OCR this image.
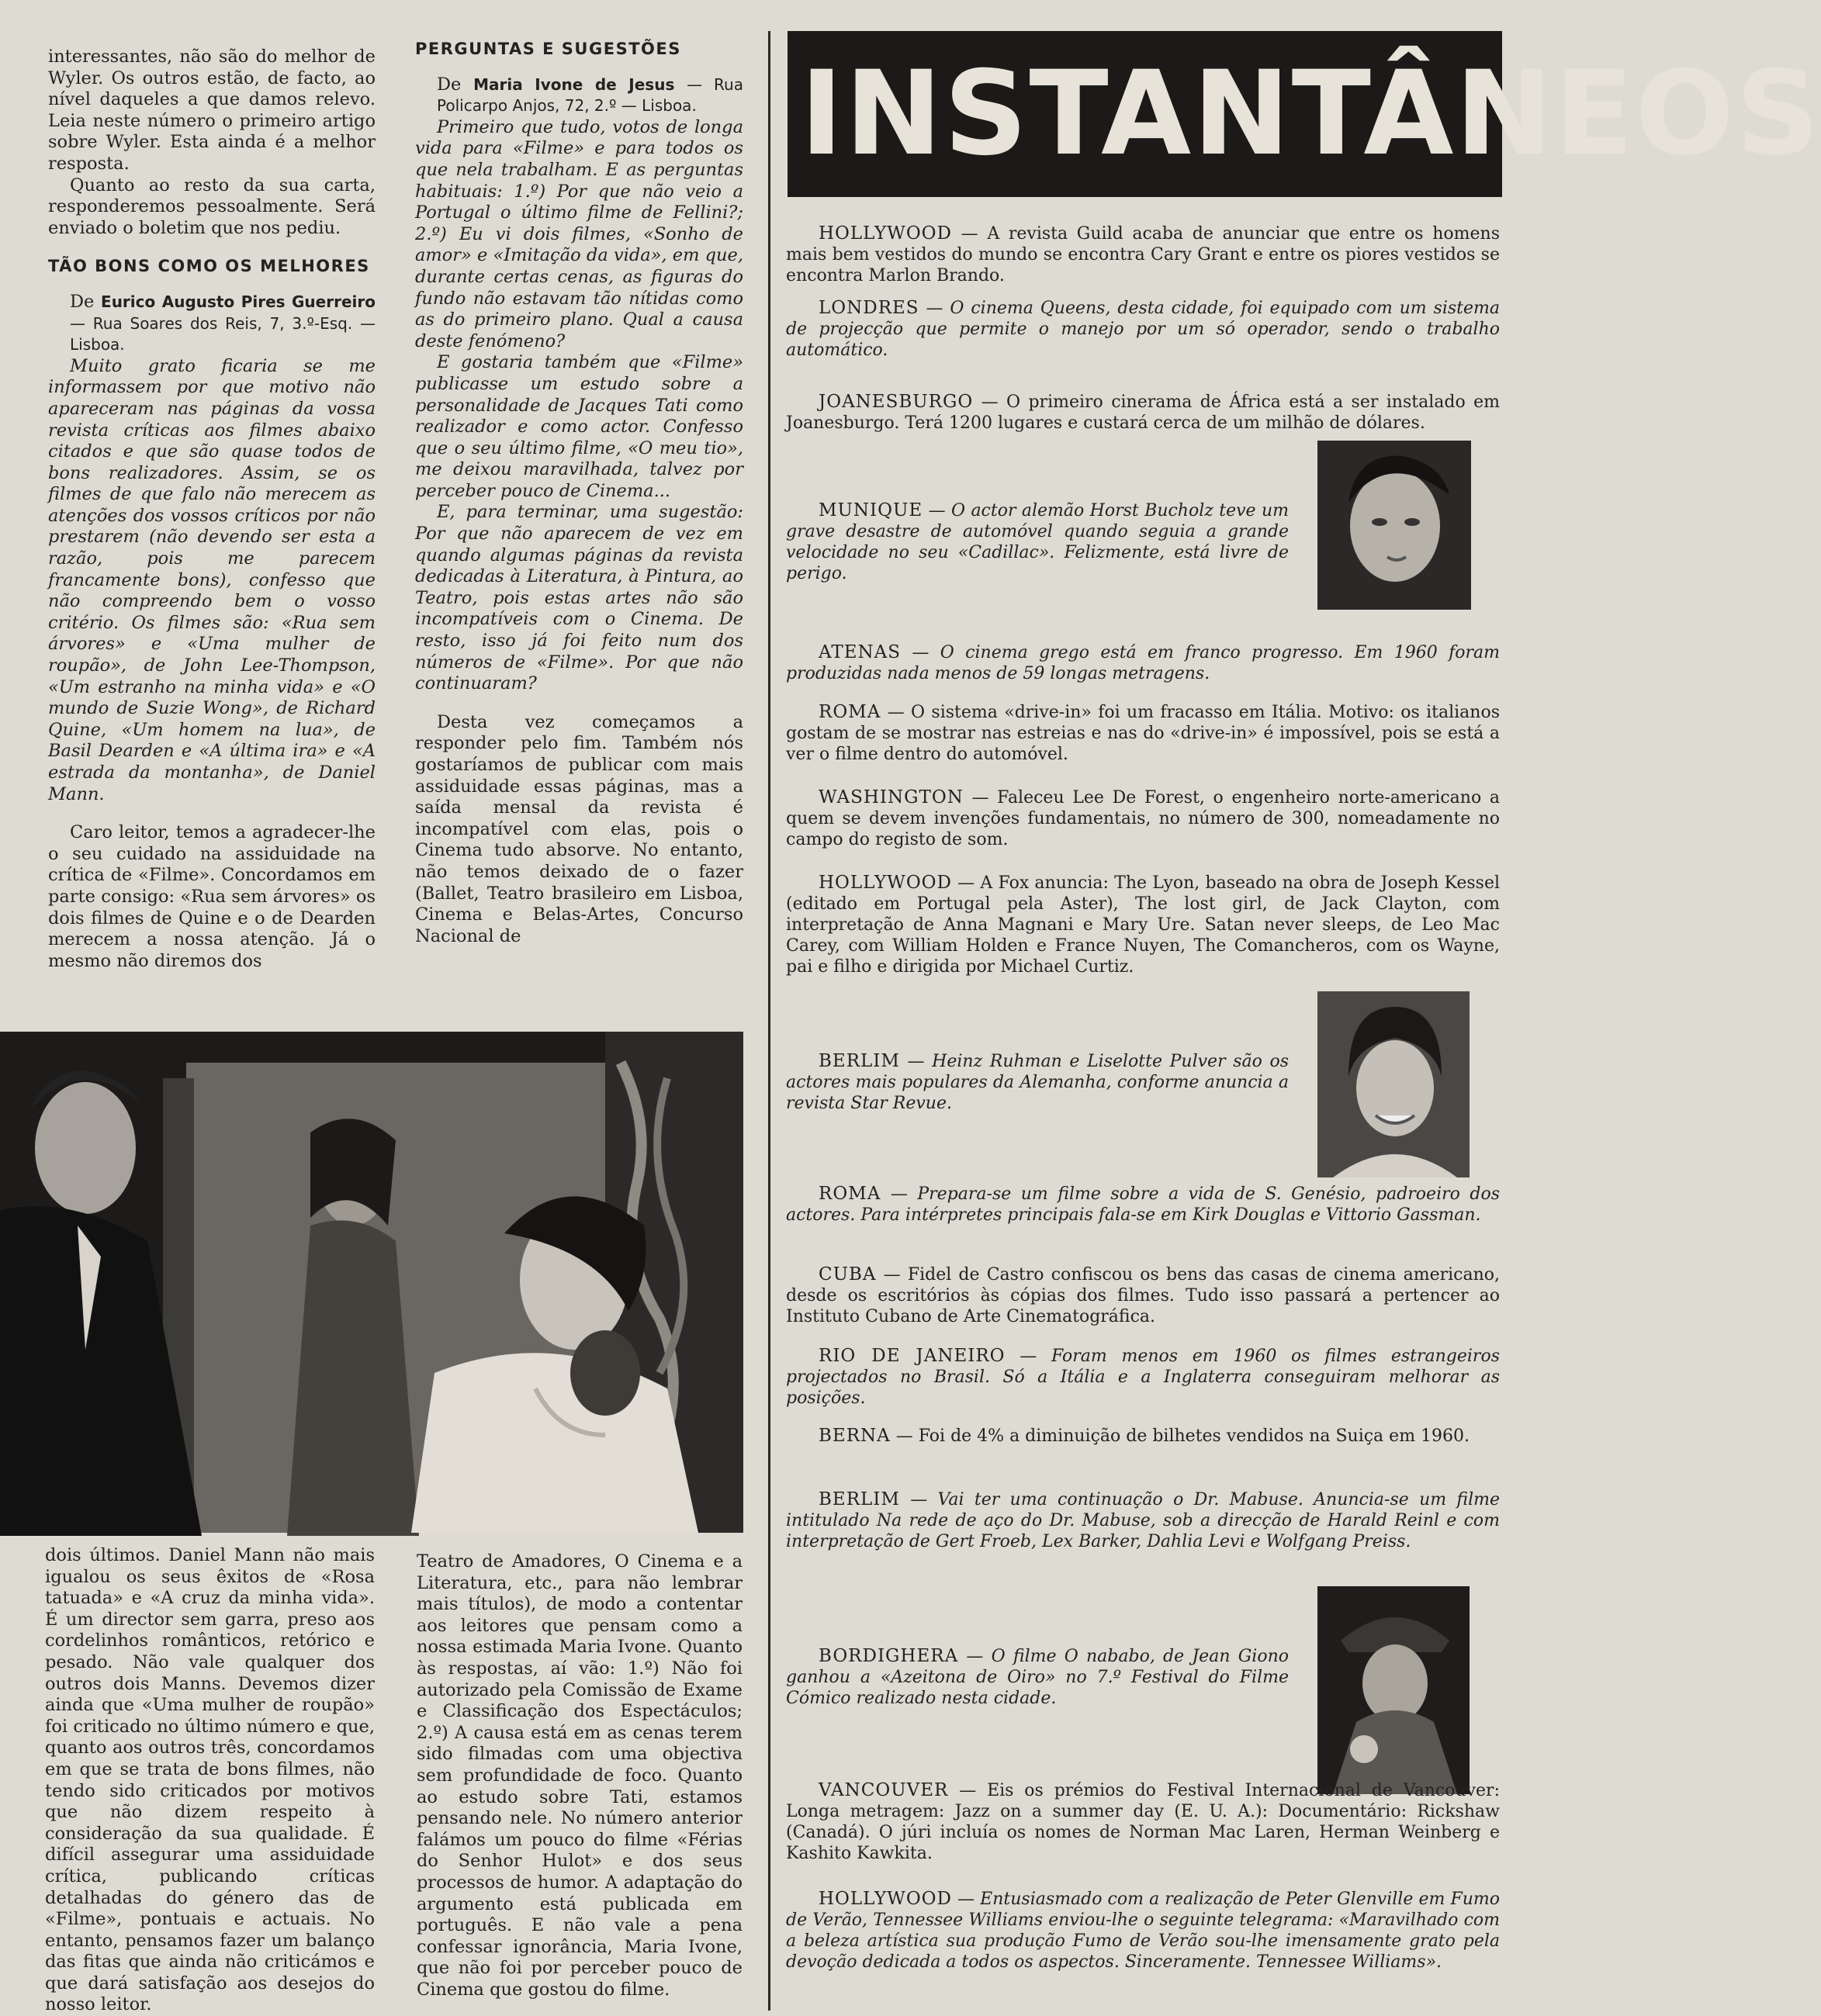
interessantes, não são do melhor de Wyler. Os outros estão, de facto, ao nível daqueles a que damos relevo. Leia neste número o primeiro artigo sobre Wyler. Esta ainda é a melhor resposta.

Quanto ao resto da sua carta, responderemos pessoalmente. Será enviado o boletim que nos pediu.

TÃO BONS COMO OS MELHORES

De Eurico Augusto Pires Guerreiro — Rua Soares dos Reis, 7, 3.º-Esq. — Lisboa.

Muito grato ficaria se me informassem por que motivo não apareceram nas páginas da vossa revista críticas aos filmes abaixo citados e que são quase todos de bons realizadores. Assim, se os filmes de que falo não merecem as atenções dos vossos críticos por não prestarem (não devendo ser esta a razão, pois me parecem francamente bons), confesso que não compreendo bem o vosso critério. Os filmes são: «Rua sem árvores» e «Uma mulher de roupão», de John Lee-Thompson, «Um estranho na minha vida» e «O mundo de Suzie Wong», de Richard Quine, «Um homem na lua», de Basil Dearden e «A última ira» e «A estrada da montanha», de Daniel Mann.

Caro leitor, temos a agradecer-lhe o seu cuidado na assiduidade na crítica de «Filme». Concordamos em parte consigo: «Rua sem árvores» os dois filmes de Quine e o de Dearden merecem a nossa atenção. Já o mesmo não diremos dos

PERGUNTAS E SUGESTÕES

De Maria Ivone de Jesus — Rua Policarpo Anjos, 72, 2.º — Lisboa.

Primeiro que tudo, votos de longa vida para «Filme» e para todos os que nela trabalham. E as perguntas habituais: 1.º) Por que não veio a Portugal o último filme de Fellini?; 2.º) Eu vi dois filmes, «Sonho de amor» e «Imitação da vida», em que, durante certas cenas, as figuras do fundo não estavam tão nítidas como as do primeiro plano. Qual a causa deste fenómeno?

E gostaria também que «Filme» publicasse um estudo sobre a personalidade de Jacques Tati como realizador e como actor. Confesso que o seu último filme, «O meu tio», me deixou maravilhada, talvez por perceber pouco de Cinema...

E, para terminar, uma sugestão: Por que não aparecem de vez em quando algumas páginas da revista dedicadas à Literatura, à Pintura, ao Teatro, pois estas artes não são incompatíveis com o Cinema. De resto, isso já foi feito num dos números de «Filme». Por que não continuaram?

Desta vez começamos a responder pelo fim. Também nós gostaríamos de publicar com mais assiduidade essas páginas, mas a saída mensal da revista é incompatível com elas, pois o Cinema tudo absorve. No entanto, não temos deixado de o fazer (Ballet, Teatro brasileiro em Lisboa, Cinema e Belas-Artes, Concurso Nacional de

dois últimos. Daniel Mann não mais igualou os seus êxitos de «Rosa tatuada» e «A cruz da minha vida». É um director sem garra, preso aos cordelinhos românticos, retórico e pesado. Não vale qualquer dos outros dois Manns. Devemos dizer ainda que «Uma mulher de roupão» foi criticado no último número e que, quanto aos outros três, concordamos em que se trata de bons filmes, não tendo sido criticados por motivos que não dizem respeito à consideração da sua qualidade. É difícil assegurar uma assiduidade crítica, publicando críticas detalhadas do género das de «Filme», pontuais e actuais. No entanto, pensamos fazer um balanço das fitas que ainda não criticámos e que dará satisfação aos desejos do nosso leitor.

Teatro de Amadores, O Cinema e a Literatura, etc., para não lembrar mais títulos), de modo a contentar aos leitores que pensam como a nossa estimada Maria Ivone. Quanto às respostas, aí vão: 1.º) Não foi autorizado pela Comissão de Exame e Classificação dos Espectáculos; 2.º) A causa está em as cenas terem sido filmadas com uma objectiva sem profundidade de foco. Quanto ao estudo sobre Tati, estamos pensando nele. No número anterior falámos um pouco do filme «Férias do Senhor Hulot» e dos seus processos de humor. A adaptação do argumento está publicada em português. E não vale a pena confessar ignorância, Maria Ivone, que não foi por perceber pouco de Cinema que gostou do filme.

INSTANTÂNEOS

HOLLYWOOD — A revista Guild acaba de anunciar que entre os homens mais bem vestidos do mundo se encontra Cary Grant e entre os piores vestidos se encontra Marlon Brando.

LONDRES — O cinema Queens, desta cidade, foi equipado com um sistema de projecção que permite o manejo por um só operador, sendo o trabalho automático.

JOANESBURGO — O primeiro cinerama de África está a ser instalado em Joanesburgo. Terá 1200 lugares e custará cerca de um milhão de dólares.

MUNIQUE — O actor alemão Horst Bucholz teve um grave desastre de automóvel quando seguia a grande velocidade no seu «Cadillac». Felizmente, está livre de perigo.

ATENAS — O cinema grego está em franco progresso. Em 1960 foram produzidas nada menos de 59 longas metragens.

ROMA — O sistema «drive-in» foi um fracasso em Itália. Motivo: os italianos gostam de se mostrar nas estreias e nas do «drive-in» é impossível, pois se está a ver o filme dentro do automóvel.

WASHINGTON — Faleceu Lee De Forest, o engenheiro norte-americano a quem se devem invenções fundamentais, no número de 300, nomeadamente no campo do registo de som.

HOLLYWOOD — A Fox anuncia: The Lyon, baseado na obra de Joseph Kessel (editado em Portugal pela Aster), The lost girl, de Jack Clayton, com interpretação de Anna Magnani e Mary Ure. Satan never sleeps, de Leo Mac Carey, com William Holden e France Nuyen, The Comancheros, com os Wayne, pai e filho e dirigida por Michael Curtiz.

BERLIM — Heinz Ruhman e Liselotte Pulver são os actores mais populares da Alemanha, conforme anuncia a revista Star Revue.

ROMA — Prepara-se um filme sobre a vida de S. Genésio, padroeiro dos actores. Para intérpretes principais fala-se em Kirk Douglas e Vittorio Gassman.

CUBA — Fidel de Castro confiscou os bens das casas de cinema americano, desde os escritórios às cópias dos filmes. Tudo isso passará a pertencer ao Instituto Cubano de Arte Cinematográfica.

RIO DE JANEIRO — Foram menos em 1960 os filmes estrangeiros projectados no Brasil. Só a Itália e a Inglaterra conseguiram melhorar as posições.

BERNA — Foi de 4% a diminuição de bilhetes vendidos na Suiça em 1960.

BERLIM — Vai ter uma continuação o Dr. Mabuse. Anuncia-se um filme intitulado Na rede de aço do Dr. Mabuse, sob a direcção de Harald Reinl e com interpretação de Gert Froeb, Lex Barker, Dahlia Levi e Wolfgang Preiss.

BORDIGHERA — O filme O nababo, de Jean Giono ganhou a «Azeitona de Oiro» no 7.º Festival do Filme Cómico realizado nesta cidade.

VANCOUVER — Eis os prémios do Festival Internacional de Vancouver: Longa metragem: Jazz on a summer day (E. U. A.): Documentário: Rickshaw (Canadá). O júri incluía os nomes de Norman Mac Laren, Herman Weinberg e Kashito Kawkita.

HOLLYWOOD — Entusiasmado com a realização de Peter Glenville em Fumo de Verão, Tennessee Williams enviou-lhe o seguinte telegrama: «Maravilhado com a beleza artística sua produção Fumo de Verão sou-lhe imensamente grato pela devoção dedicada a todos os aspectos. Sinceramente. Tennessee Williams».
